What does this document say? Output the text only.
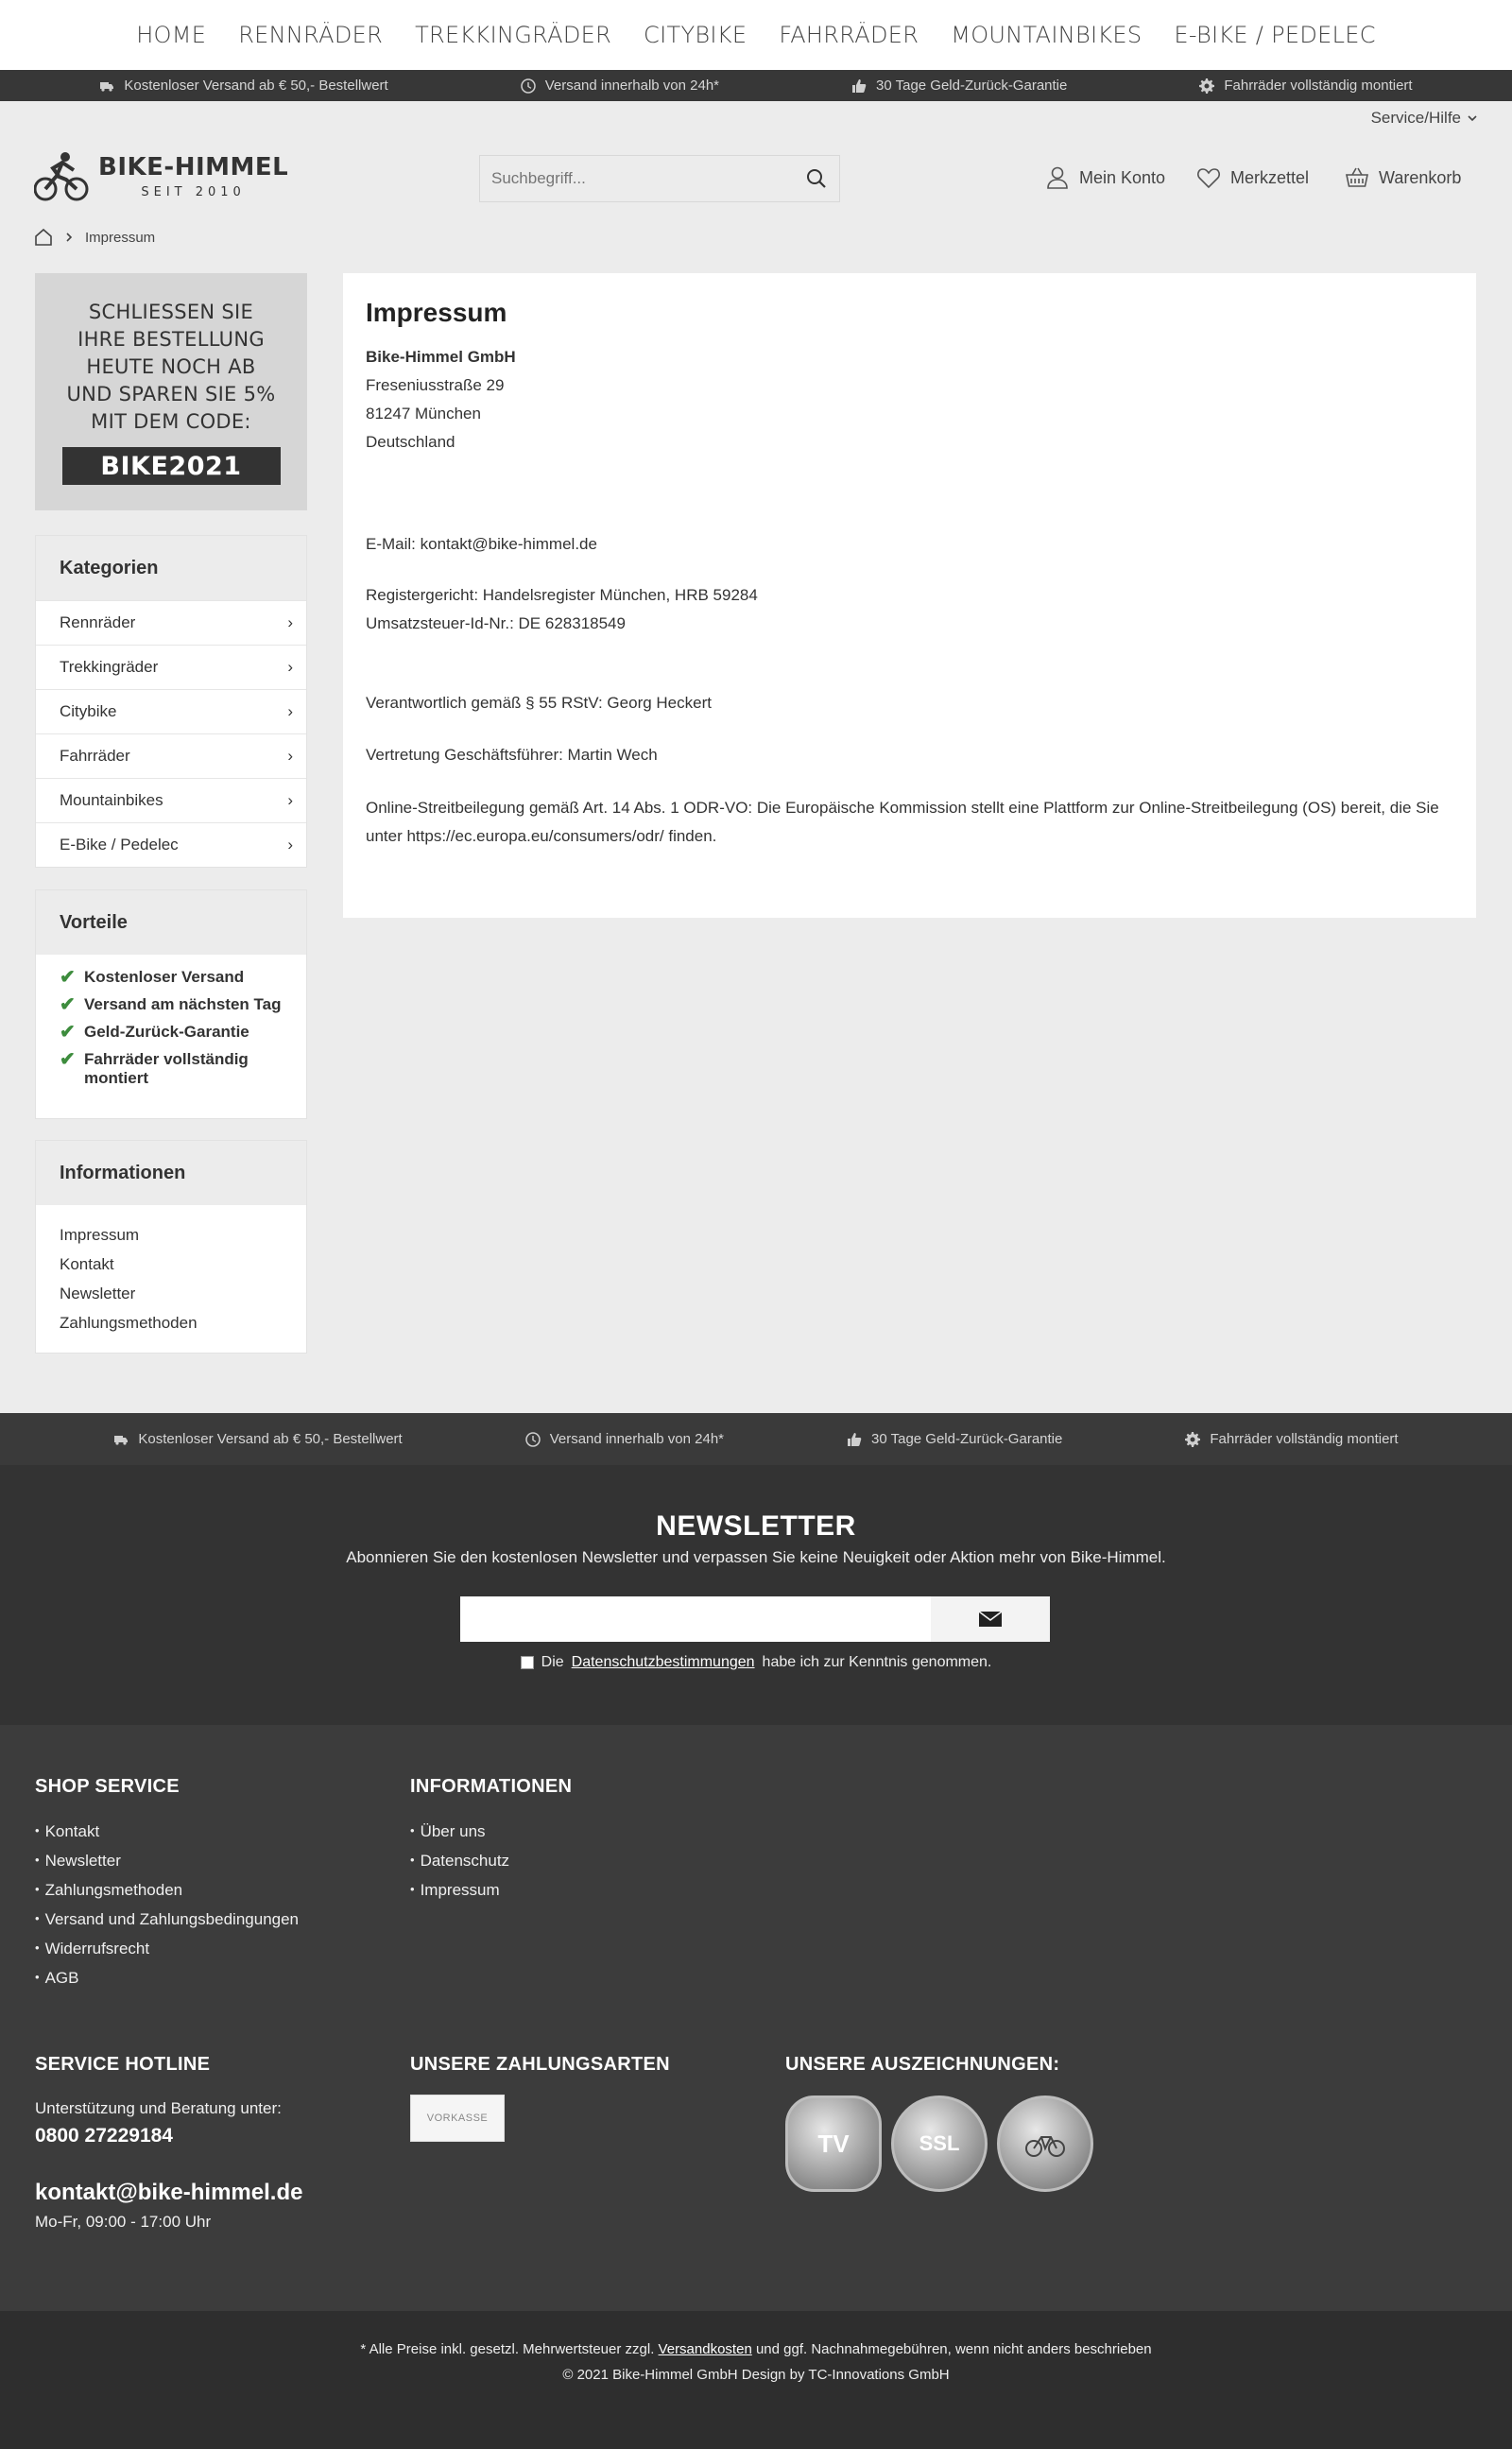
HOME RENNRÄDER TREKKINGRÄDER CITYBIKE FAHRRÄDER MOUNTAINBIKES E-BIKE / PEDELEC
Kostenloser Versand ab € 50,- Bestellwert	Versand innerhalb von 24h*	30 Tage Geld-Zurück-Garantie	Fahrräder vollständig montiert
Service/Hilfe
BIKE-HIMMEL
SEIT 2010
Suchbegriff...
Mein Konto	Merkzettel	Warenkorb
Impressum
SCHLIESSEN SIE
IHRE BESTELLUNG
HEUTE NOCH AB
UND SPAREN SIE 5%
MIT DEM CODE:
BIKE2021
Kategorien
Rennräder	›
Trekkingräder	›
Citybike	›
Fahrräder	›
Mountainbikes	›
E-Bike / Pedelec	›
Vorteile
✔ Kostenloser Versand
✔ Versand am nächsten Tag
✔ Geld-Zurück-Garantie
✔ Fahrräder vollständig montiert
Informationen
Impressum
Kontakt
Newsletter
Zahlungsmethoden
Impressum

Bike-Himmel GmbH

Freseniusstraße 29

81247 München

Deutschland

E-Mail: kontakt@bike-himmel.de

Registergericht: Handelsregister München, HRB 59284

Umsatzsteuer-Id-Nr.: DE 628318549

Verantwortlich gemäß § 55 RStV: Georg Heckert

Vertretung Geschäftsführer: Martin Wech

Online-Streitbeilegung gemäß Art. 14 Abs. 1 ODR-VO: Die Europäische Kommission stellt eine Plattform zur Online-Streitbeilegung (OS) bereit, die Sie unter https://ec.europa.eu/consumers/odr/ finden.

Kostenloser Versand ab € 50,- Bestellwert	Versand innerhalb von 24h*	30 Tage Geld-Zurück-Garantie	Fahrräder vollständig montiert
NEWSLETTER
Abonnieren Sie den kostenlosen Newsletter und verpassen Sie keine Neuigkeit oder Aktion mehr von Bike-Himmel.
Die Datenschutzbestimmungen habe ich zur Kenntnis genommen.
SHOP SERVICE
• Kontakt
• Newsletter
• Zahlungsmethoden
• Versand und Zahlungsbedingungen
• Widerrufsrecht
• AGB
INFORMATIONEN
• Über uns
• Datenschutz
• Impressum
SERVICE HOTLINE
Unterstützung und Beratung unter:
0800 27229184
kontakt@bike-himmel.de
Mo-Fr, 09:00 - 17:00 Uhr
UNSERE ZAHLUNGSARTEN
VORKASSE
UNSERE AUSZEICHNUNGEN:
TV	SSL
* Alle Preise inkl. gesetzl. Mehrwertsteuer zzgl. Versandkosten und ggf. Nachnahmegebühren, wenn nicht anders beschrieben
© 2021 Bike-Himmel GmbH Design by TC-Innovations GmbH
